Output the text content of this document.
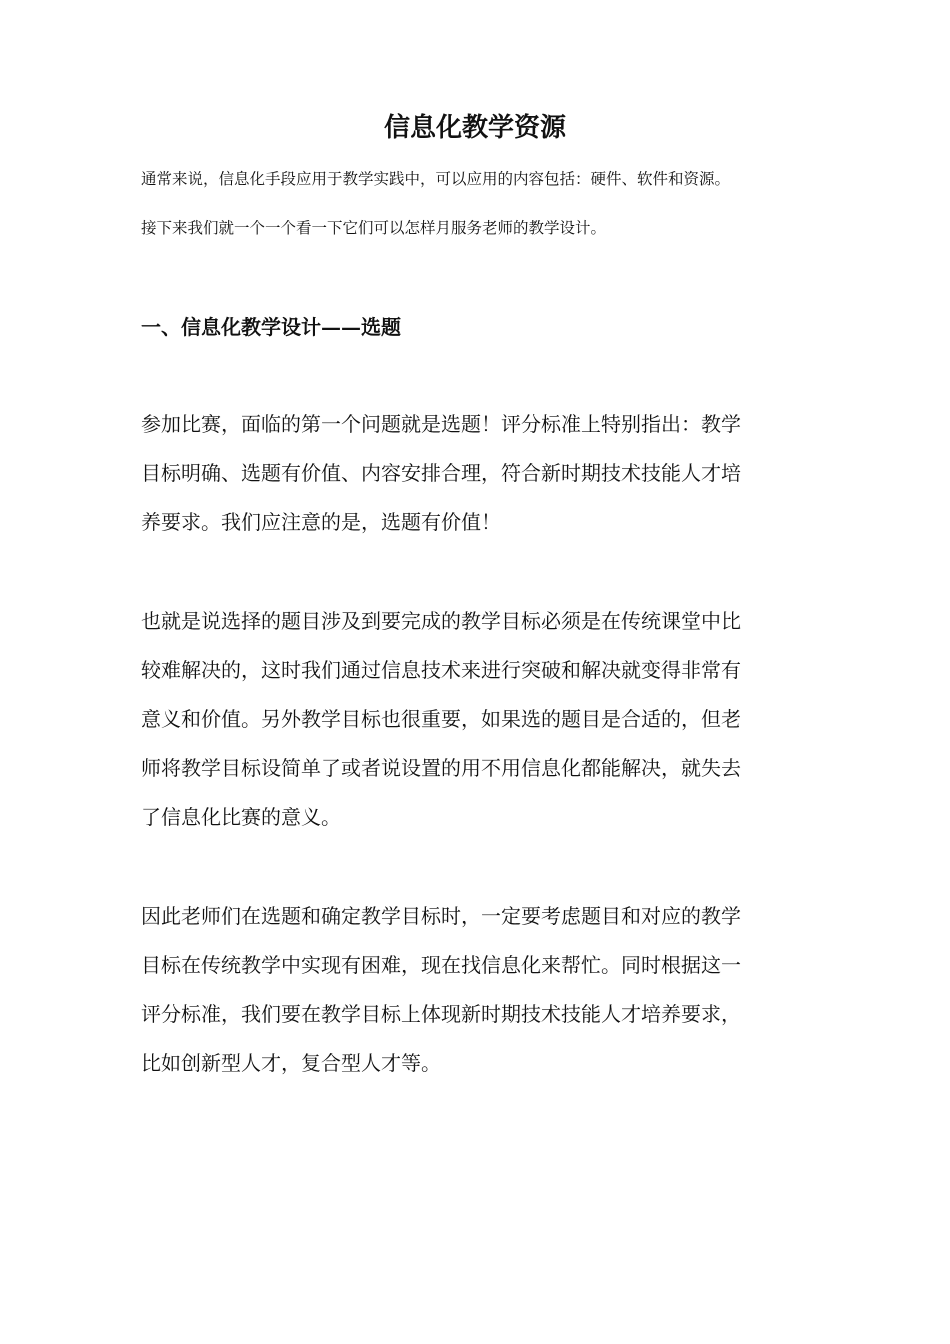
信息化教学资源

通常来说，信息化手段应用于教学实践中，可以应用的内容包括：硬件、软件和资源。

接下来我们就一个一个看一下它们可以怎样月服务老师的教学设计。

一、信息化教学设计——选题

参加比赛，面临的第一个问题就是选题！评分标准上特别指出：教学
目标明确、选题有价值、内容安排合理，符合新时期技术技能人才培
养要求。我们应注意的是，选题有价值！

也就是说选择的题目涉及到要完成的教学目标必须是在传统课堂中比
较难解决的，这时我们通过信息技术来进行突破和解决就变得非常有
意义和价值。另外教学目标也很重要，如果选的题目是合适的，但老
师将教学目标设简单了或者说设置的用不用信息化都能解决，就失去
了信息化比赛的意义。

因此老师们在选题和确定教学目标时，一定要考虑题目和对应的教学
目标在传统教学中实现有困难，现在找信息化来帮忙。同时根据这一
评分标准，我们要在教学目标上体现新时期技术技能人才培养要求，
比如创新型人才，复合型人才等。
